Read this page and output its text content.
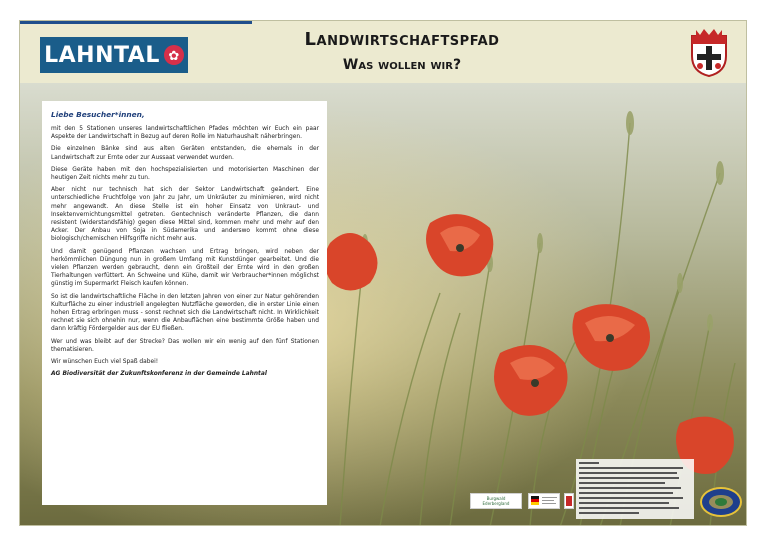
LAHNTAL ✿
Landwirtschaftspfad
Was wollen wir?
Liebe Besucher*innen,

mit den 5 Stationen unseres landwirtschaftlichen Pfades möchten wir Euch ein paar Aspekte der Landwirtschaft in Bezug auf deren Rolle im Naturhaushalt näherbringen.

Die einzelnen Bänke sind aus alten Geräten entstanden, die ehemals in der Landwirtschaft zur Ernte oder zur Aussaat verwendet wurden.

Diese Geräte haben mit den hochspezialisierten und motorisierten Maschinen der heutigen Zeit nichts mehr zu tun.

Aber nicht nur technisch hat sich der Sektor Landwirtschaft geändert. Eine unterschiedliche Fruchtfolge von Jahr zu Jahr, um Unkräuter zu minimieren, wird nicht mehr angewandt. An diese Stelle ist ein hoher Einsatz von Unkraut- und Insektenvernichtungsmittel getreten. Gentechnisch veränderte Pflanzen, die dann resistent (widerstandsfähig) gegen diese Mittel sind, kommen mehr und mehr auf den Acker. Der Anbau von Soja in Südamerika und anderswo kommt ohne diese biologisch/chemischen Hilfsgriffe nicht mehr aus.

Und damit genügend Pflanzen wachsen und Ertrag bringen, wird neben der herkömmlichen Düngung nun in großem Umfang mit Kunstdünger gearbeitet. Und die vielen Pflanzen werden gebraucht, denn ein Großteil der Ernte wird in den großen Tierhaltungen verfüttert. An Schweine und Kühe, damit wir Verbraucher*innen möglichst günstig im Supermarkt Fleisch kaufen können.

So ist die landwirtschaftliche Fläche in den letzten Jahren von einer zur Natur gehörenden Kulturfläche zu einer industriell angelegten Nutzfläche geworden, die in erster Linie einen hohen Ertrag erbringen muss - sonst rechnet sich die Landwirtschaft nicht. In Wirklichkeit rechnet sie sich ohnehin nur, wenn die Anbauflächen eine bestimmte Größe haben und dann kräftig Fördergelder aus der EU fließen.

Wer und was bleibt auf der Strecke? Das wollen wir ein wenig auf den fünf Stationen thematisieren.

Wir wünschen Euch viel Spaß dabei!

AG Biodiversität der Zukunftskonferenz in der Gemeinde Lahntal
Burgwald
Ederbergland
